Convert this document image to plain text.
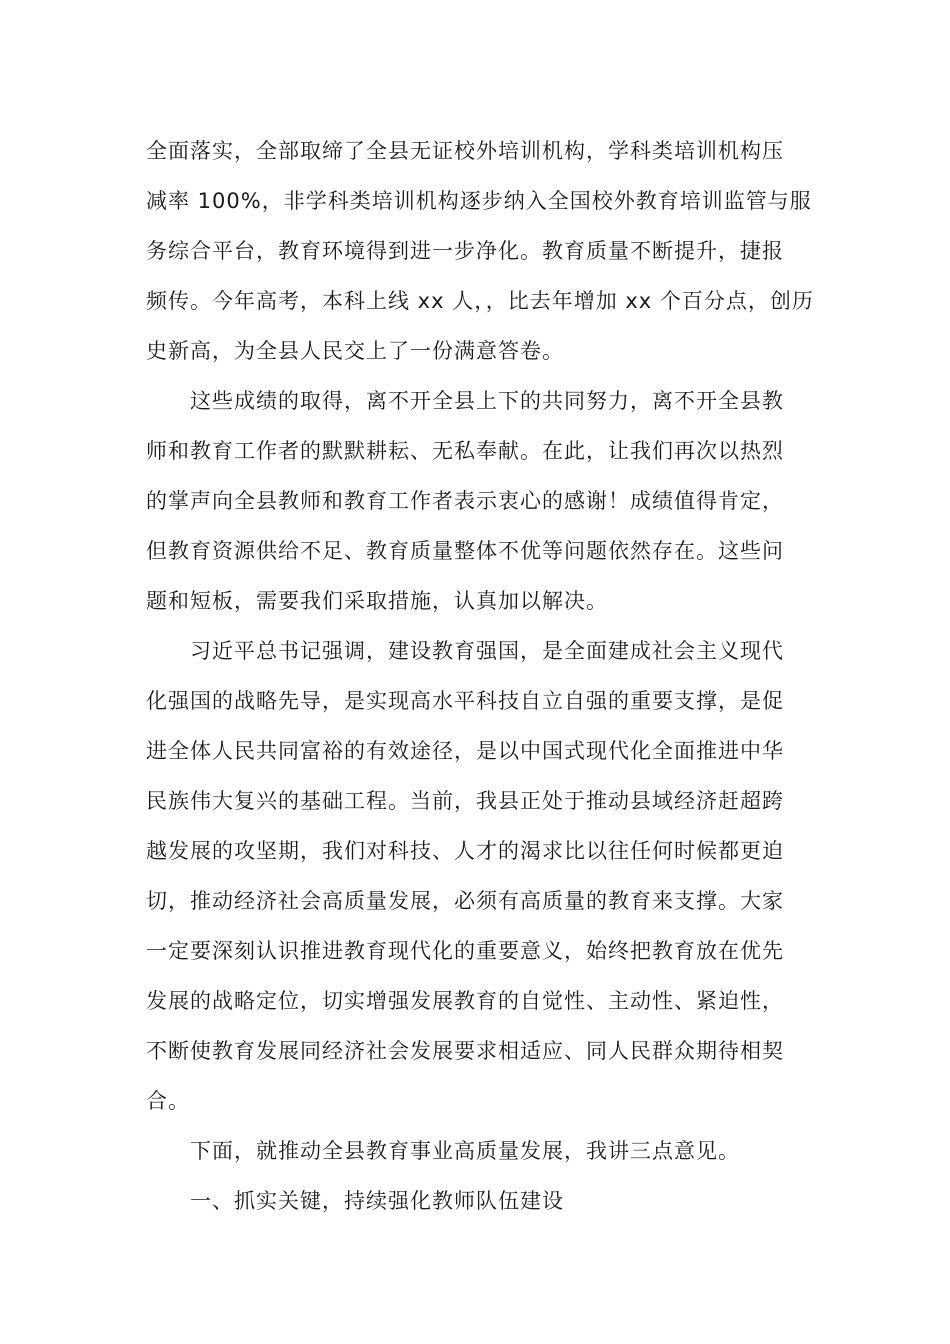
全面落实，全部取缔了全县无证校外培训机构，学科类培训机构压
减率 100%，非学科类培训机构逐步纳入全国校外教育培训监管与服
务综合平台，教育环境得到进一步净化。教育质量不断提升，捷报
频传。今年高考，本科上线 xx 人，，比去年增加 xx 个百分点，创历
史新高，为全县人民交上了一份满意答卷。
这些成绩的取得，离不开全县上下的共同努力，离不开全县教
师和教育工作者的默默耕耘、无私奉献。在此，让我们再次以热烈
的掌声向全县教师和教育工作者表示衷心的感谢！成绩值得肯定，
但教育资源供给不足、教育质量整体不优等问题依然存在。这些问
题和短板，需要我们采取措施，认真加以解决。
习近平总书记强调，建设教育强国，是全面建成社会主义现代
化强国的战略先导，是实现高水平科技自立自强的重要支撑，是促
进全体人民共同富裕的有效途径，是以中国式现代化全面推进中华
民族伟大复兴的基础工程。当前，我县正处于推动县域经济赶超跨
越发展的攻坚期，我们对科技、人才的渴求比以往任何时候都更迫
切，推动经济社会高质量发展，必须有高质量的教育来支撑。大家
一定要深刻认识推进教育现代化的重要意义，始终把教育放在优先
发展的战略定位，切实增强发展教育的自觉性、主动性、紧迫性，
不断使教育发展同经济社会发展要求相适应、同人民群众期待相契
合。
下面，就推动全县教育事业高质量发展，我讲三点意见。
一、抓实关键，持续强化教师队伍建设
